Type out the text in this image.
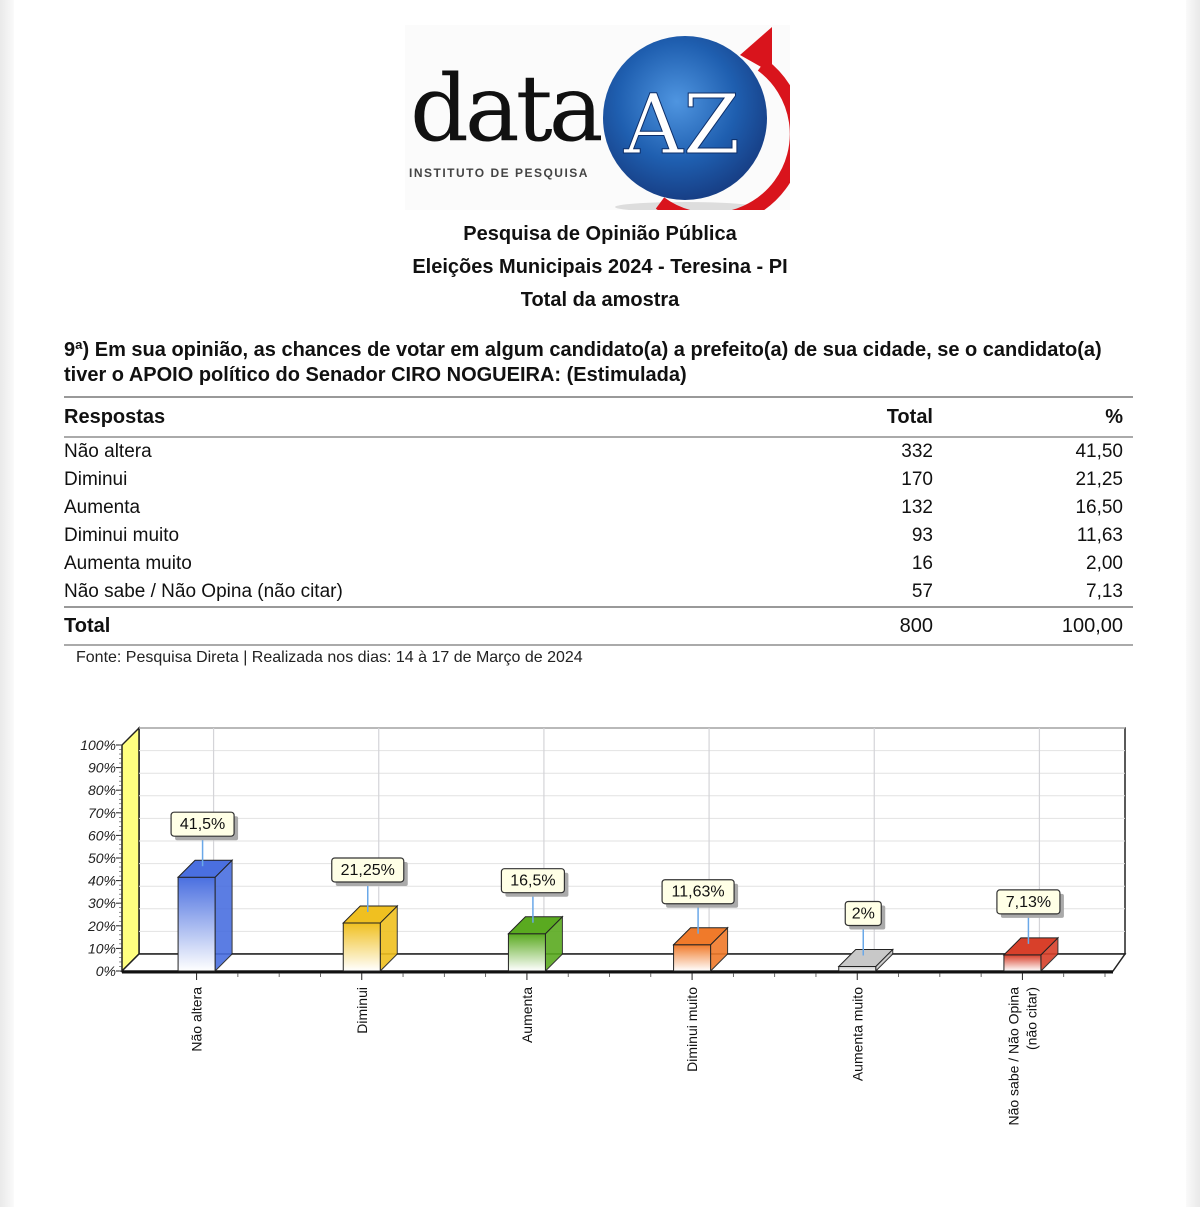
AZ
data
INSTITUTO DE PESQUISA
Pesquisa de Opinião Pública
Eleições Municipais 2024 - Teresina - PI
Total da amostra
9ª) Em sua opinião, as chances de votar em algum candidato(a) a prefeito(a) de sua cidade, se o candidato(a) tiver o APOIO político do Senador CIRO NOGUEIRA: (Estimulada)
Respostas	Total	%
Não altera	332	41,50
Diminui	170	21,25
Aumenta	132	16,50
Diminui muito	93	11,63
Aumenta muito	16	2,00
Não sabe / Não Opina (não citar)	57	7,13
Total	800	100,00
Fonte: Pesquisa Direta | Realizada nos dias: 14 à 17 de Março de 2024
0%
10%
20%
30%
40%
50%
60%
70%
80%
90%
100%
41,5%
Não altera
21,25%
Diminui
16,5%
Aumenta
11,63%
Diminui muito
2%
Aumenta muito
7,13%
Não sabe / Não Opina (não citar)
